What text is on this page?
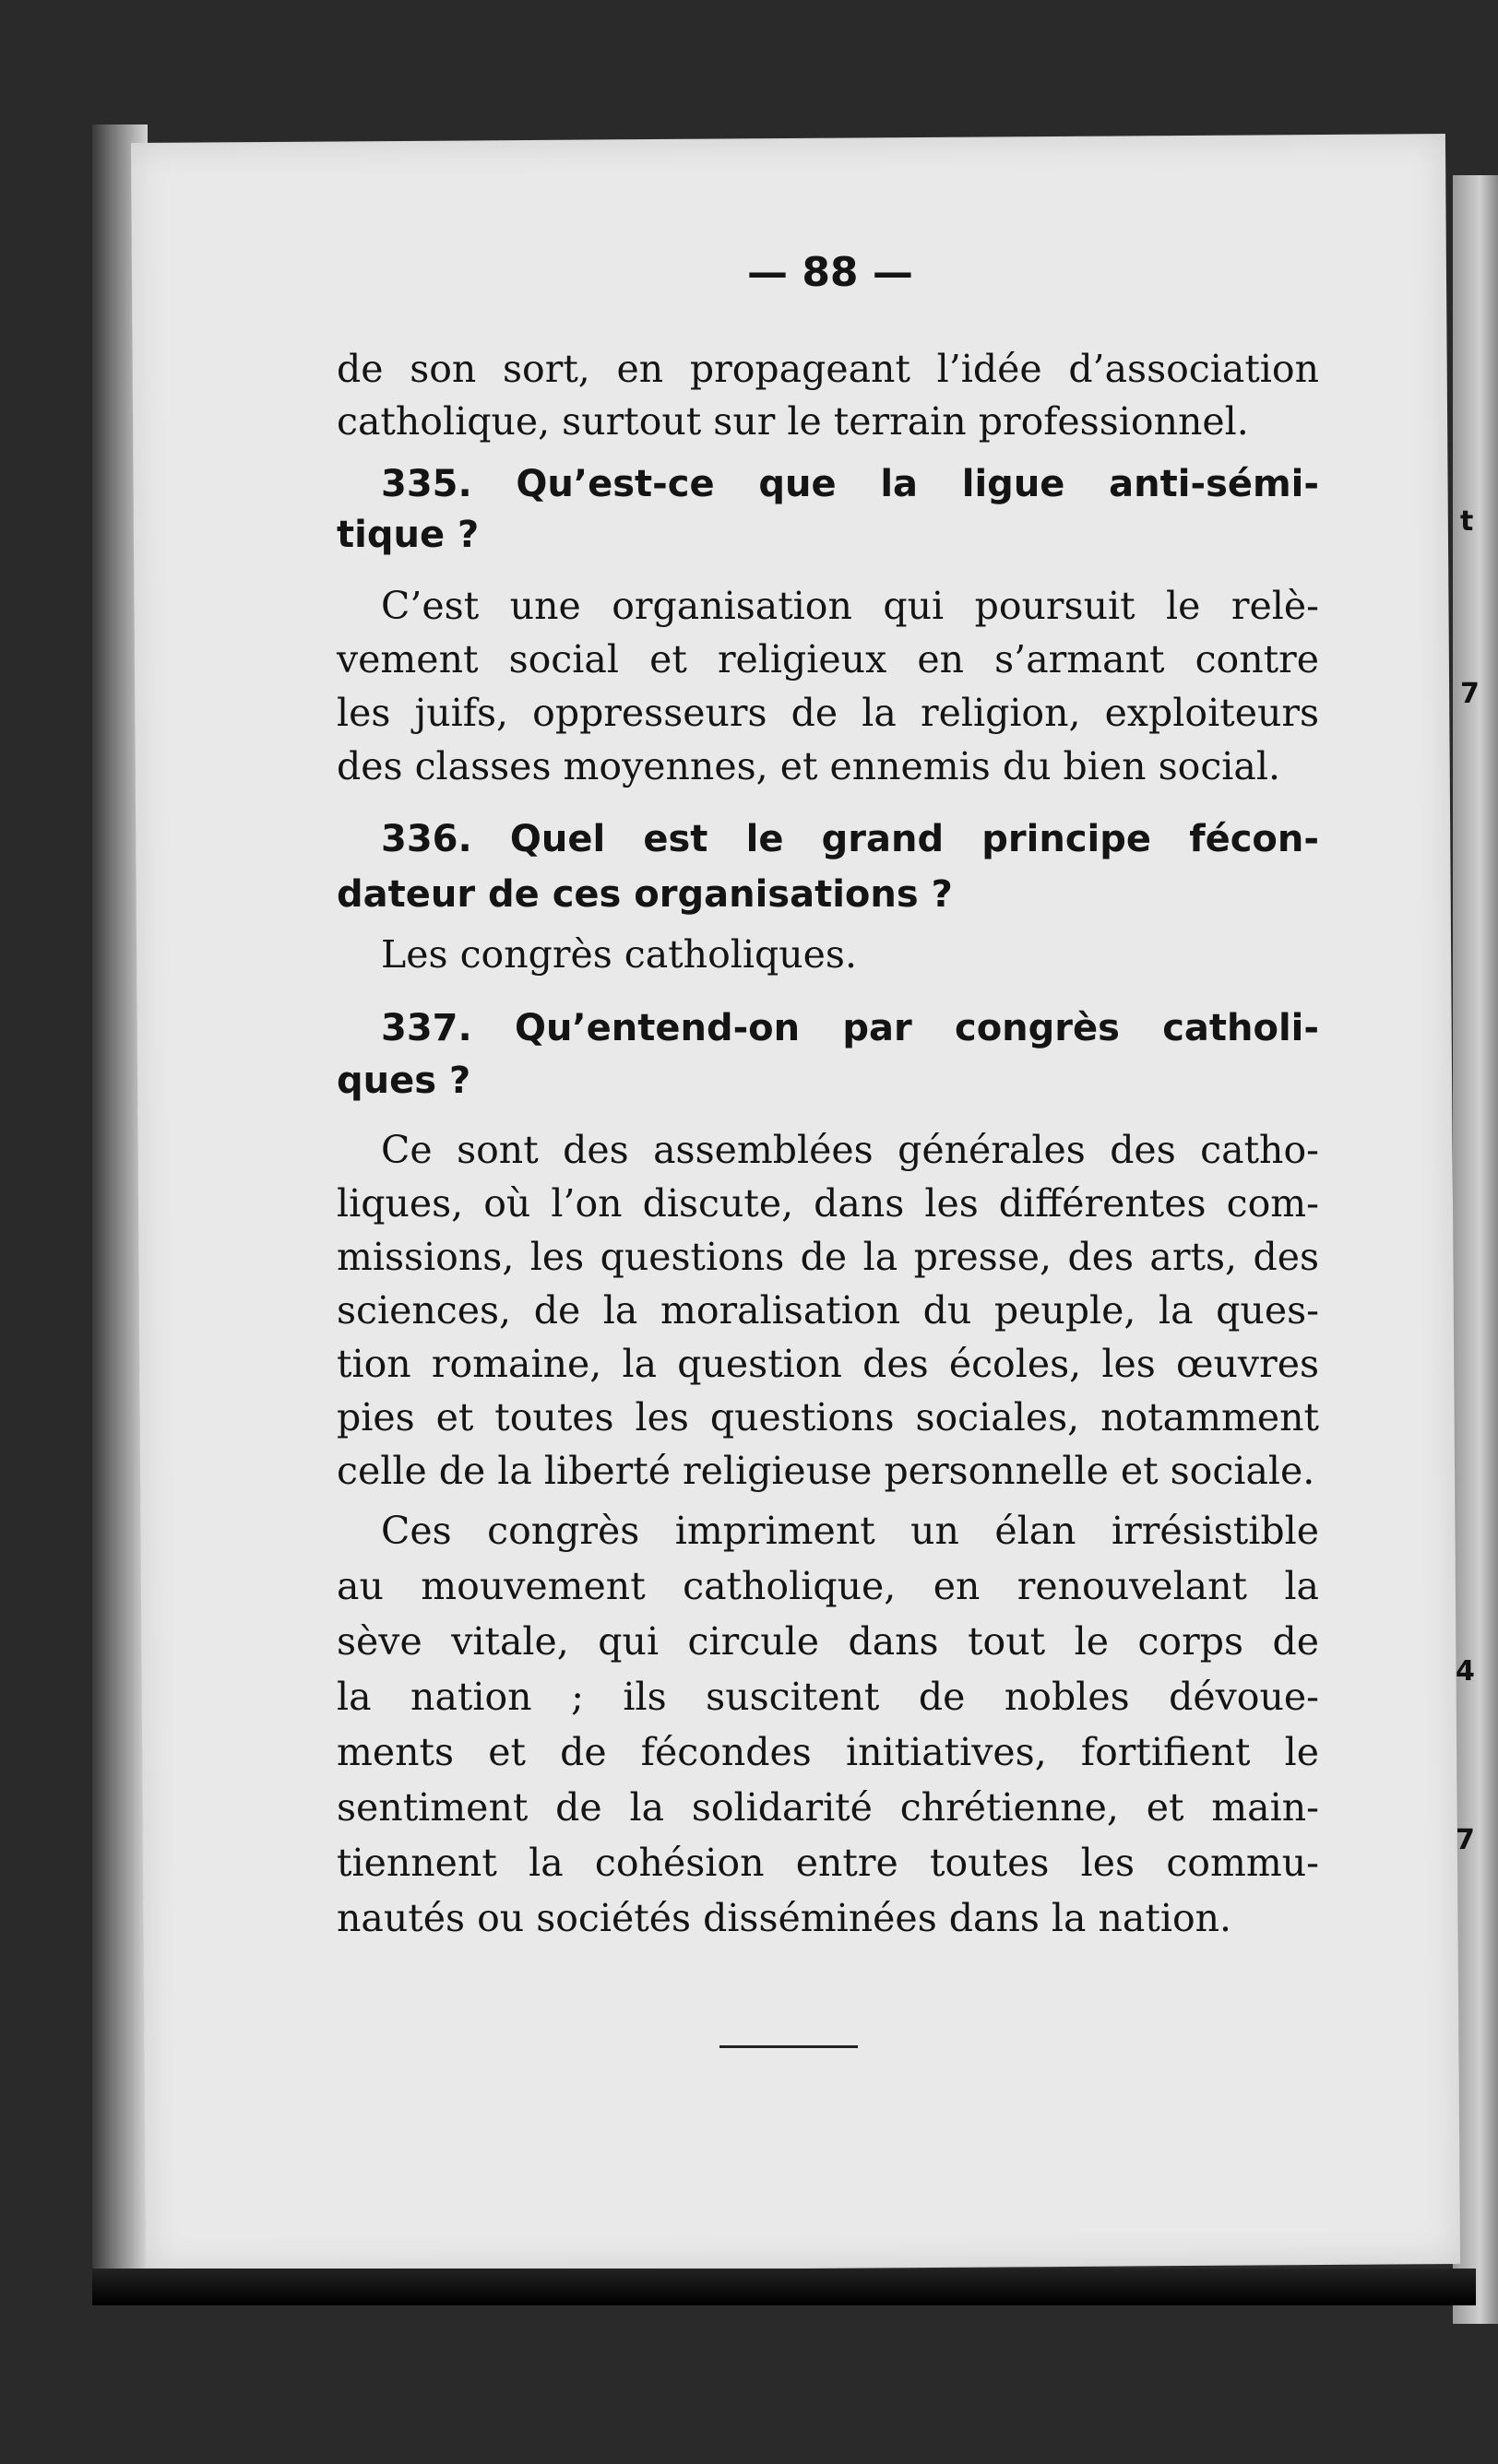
t
7
4
7
— 88 —
de son sort, en propageant l’idée d’association
catholique, surtout sur le terrain professionnel.
335. Qu’est-ce que la ligue anti-sémi-
tique ?
C’est une organisation qui poursuit le relè-
vement social et religieux en s’armant contre
les juifs, oppresseurs de la religion, exploiteurs
des classes moyennes, et ennemis du bien social.
336. Quel est le grand principe fécon-
dateur de ces organisations ?
Les congrès catholiques.
337. Qu’entend-on par congrès catholi-
ques ?
Ce sont des assemblées générales des catho-
liques, où l’on discute, dans les différentes com-
missions, les questions de la presse, des arts, des
sciences, de la moralisation du peuple, la ques-
tion romaine, la question des écoles, les œuvres
pies et toutes les questions sociales, notamment
celle de la liberté religieuse personnelle et sociale.
Ces congrès impriment un élan irrésistible
au mouvement catholique, en renouvelant la
sève vitale, qui circule dans tout le corps de
la nation ; ils suscitent de nobles dévoue-
ments et de fécondes initiatives, fortifient le
sentiment de la solidarité chrétienne, et main-
tiennent la cohésion entre toutes les commu-
nautés ou sociétés disséminées dans la nation.
